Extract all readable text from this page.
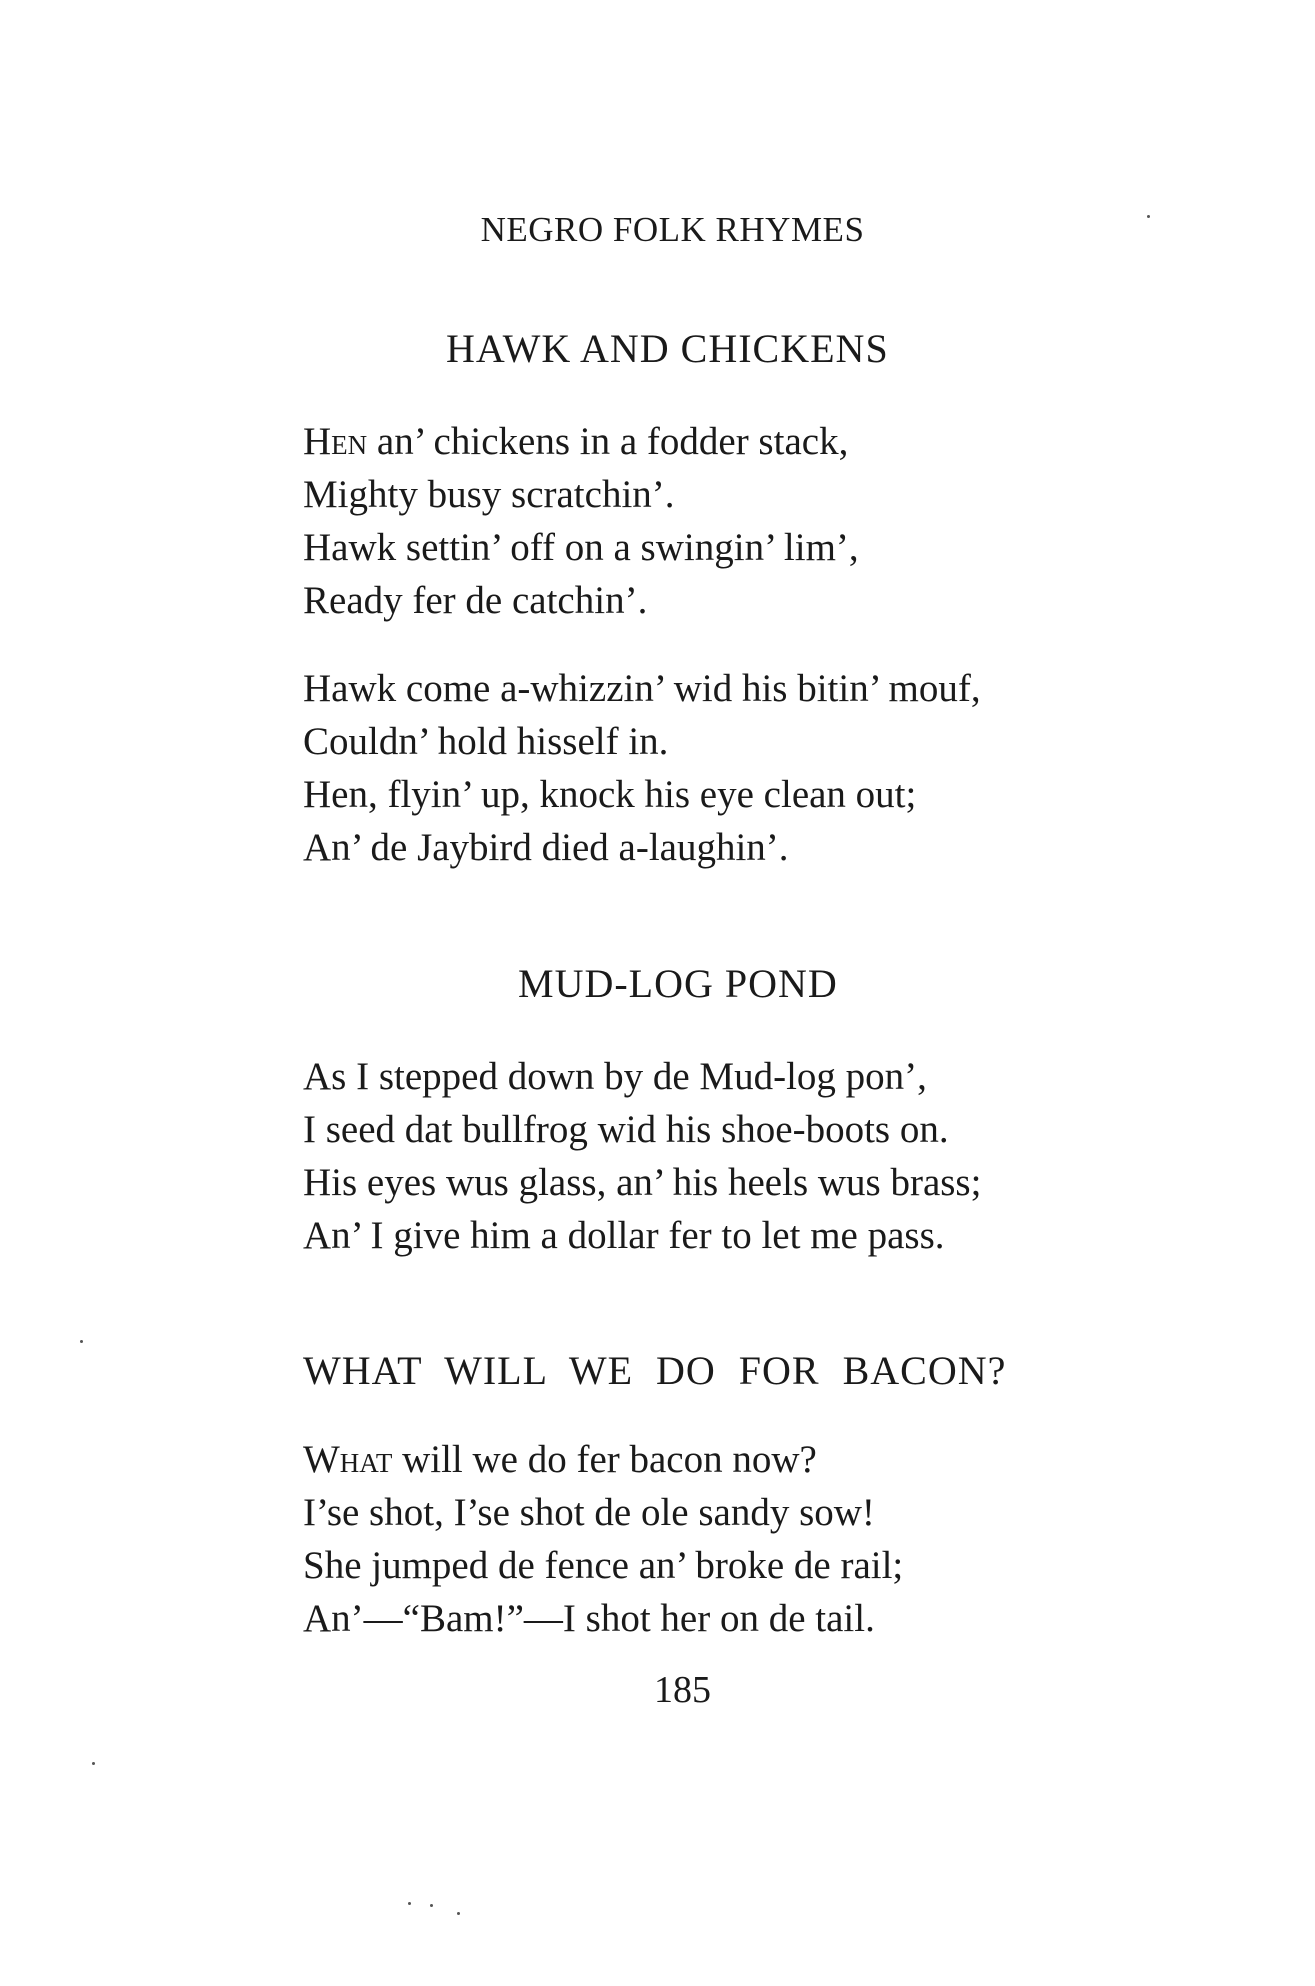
NEGRO FOLK RHYMES
HAWK AND CHICKENS
Hen an’ chickens in a fodder stack,
Mighty busy scratchin’.
Hawk settin’ off on a swingin’ lim’,
Ready fer de catchin’.
Hawk come a-whizzin’ wid his bitin’ mouf,
Couldn’ hold hisself in.
Hen, flyin’ up, knock his eye clean out;
An’ de Jaybird died a-laughin’.
MUD-LOG POND
As I stepped down by de Mud-log pon’,
I seed dat bullfrog wid his shoe-boots on.
His eyes wus glass, an’ his heels wus brass;
An’ I give him a dollar fer to let me pass.
WHAT WILL WE DO FOR BACON?
What will we do fer bacon now?
I’se shot, I’se shot de ole sandy sow!
She jumped de fence an’ broke de rail;
An’—“Bam!”—I shot her on de tail.
185
